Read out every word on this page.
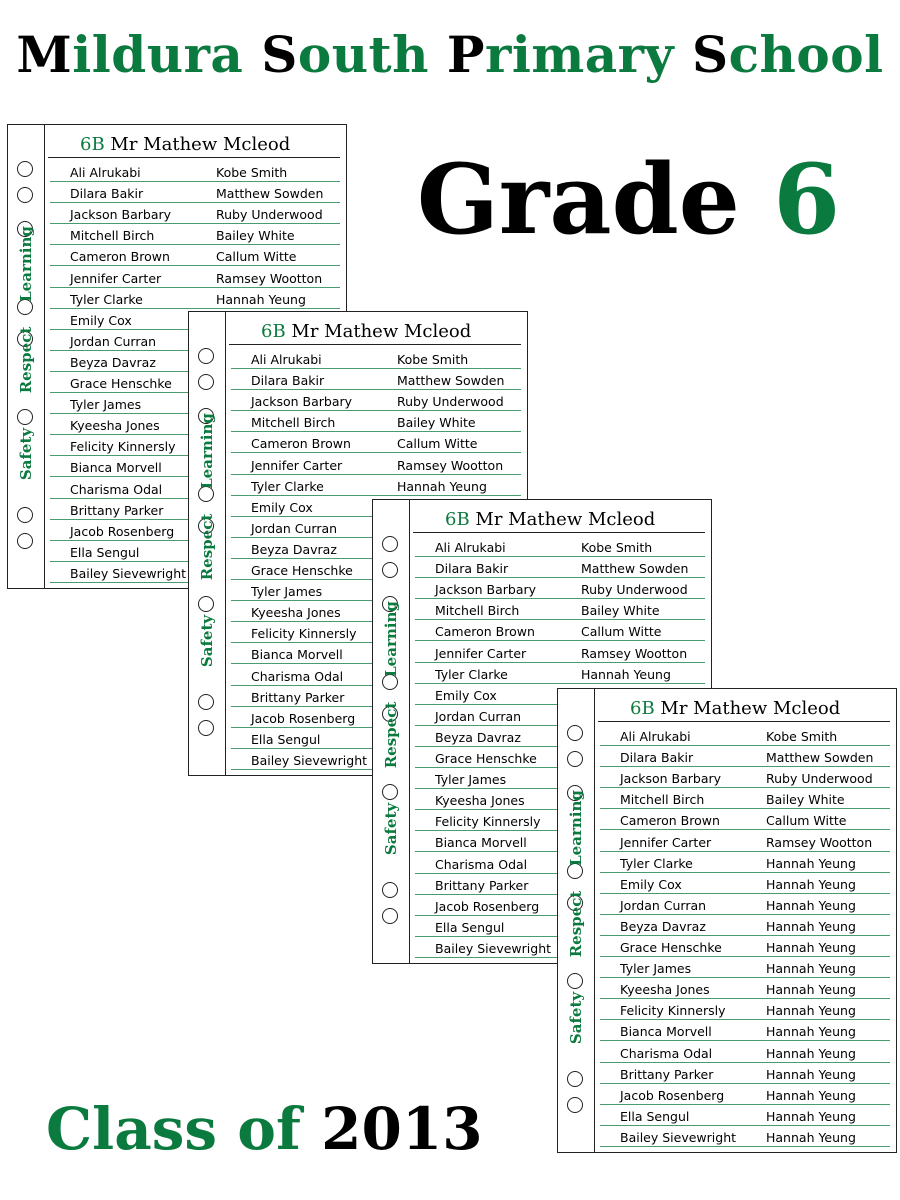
Mildura South Primary School
Grade 6
Class of 2013
Learning
Respect
Safety
6B Mr Mathew Mcleod
Ali Alrukabi	Kobe Smith
Dilara Bakir	Matthew Sowden
Jackson Barbary	Ruby Underwood
Mitchell Birch	Bailey White
Cameron Brown	Callum Witte
Jennifer Carter	Ramsey Wootton
Tyler Clarke	Hannah Yeung
Emily Cox
Jordan Curran
Beyza Davraz
Grace Henschke
Tyler James
Kyeesha Jones
Felicity Kinnersly
Bianca Morvell
Charisma Odal
Brittany Parker
Jacob Rosenberg
Ella Sengul
Bailey Sievewright
Learning
Respect
Safety
6B Mr Mathew Mcleod
Ali Alrukabi	Kobe Smith
Dilara Bakir	Matthew Sowden
Jackson Barbary	Ruby Underwood
Mitchell Birch	Bailey White
Cameron Brown	Callum Witte
Jennifer Carter	Ramsey Wootton
Tyler Clarke	Hannah Yeung
Emily Cox
Jordan Curran
Beyza Davraz
Grace Henschke
Tyler James
Kyeesha Jones
Felicity Kinnersly
Bianca Morvell
Charisma Odal
Brittany Parker
Jacob Rosenberg
Ella Sengul
Bailey Sievewright
Learning
Respect
Safety
6B Mr Mathew Mcleod
Ali Alrukabi	Kobe Smith
Dilara Bakir	Matthew Sowden
Jackson Barbary	Ruby Underwood
Mitchell Birch	Bailey White
Cameron Brown	Callum Witte
Jennifer Carter	Ramsey Wootton
Tyler Clarke	Hannah Yeung
Emily Cox
Jordan Curran
Beyza Davraz
Grace Henschke
Tyler James
Kyeesha Jones
Felicity Kinnersly
Bianca Morvell
Charisma Odal
Brittany Parker
Jacob Rosenberg
Ella Sengul
Bailey Sievewright
Learning
Respect
Safety
6B Mr Mathew Mcleod
Ali Alrukabi	Kobe Smith
Dilara Bakir	Matthew Sowden
Jackson Barbary	Ruby Underwood
Mitchell Birch	Bailey White
Cameron Brown	Callum Witte
Jennifer Carter	Ramsey Wootton
Tyler Clarke	Hannah Yeung
Emily Cox	Hannah Yeung
Jordan Curran	Hannah Yeung
Beyza Davraz	Hannah Yeung
Grace Henschke	Hannah Yeung
Tyler James	Hannah Yeung
Kyeesha Jones	Hannah Yeung
Felicity Kinnersly	Hannah Yeung
Bianca Morvell	Hannah Yeung
Charisma Odal	Hannah Yeung
Brittany Parker	Hannah Yeung
Jacob Rosenberg	Hannah Yeung
Ella Sengul	Hannah Yeung
Bailey Sievewright	Hannah Yeung
